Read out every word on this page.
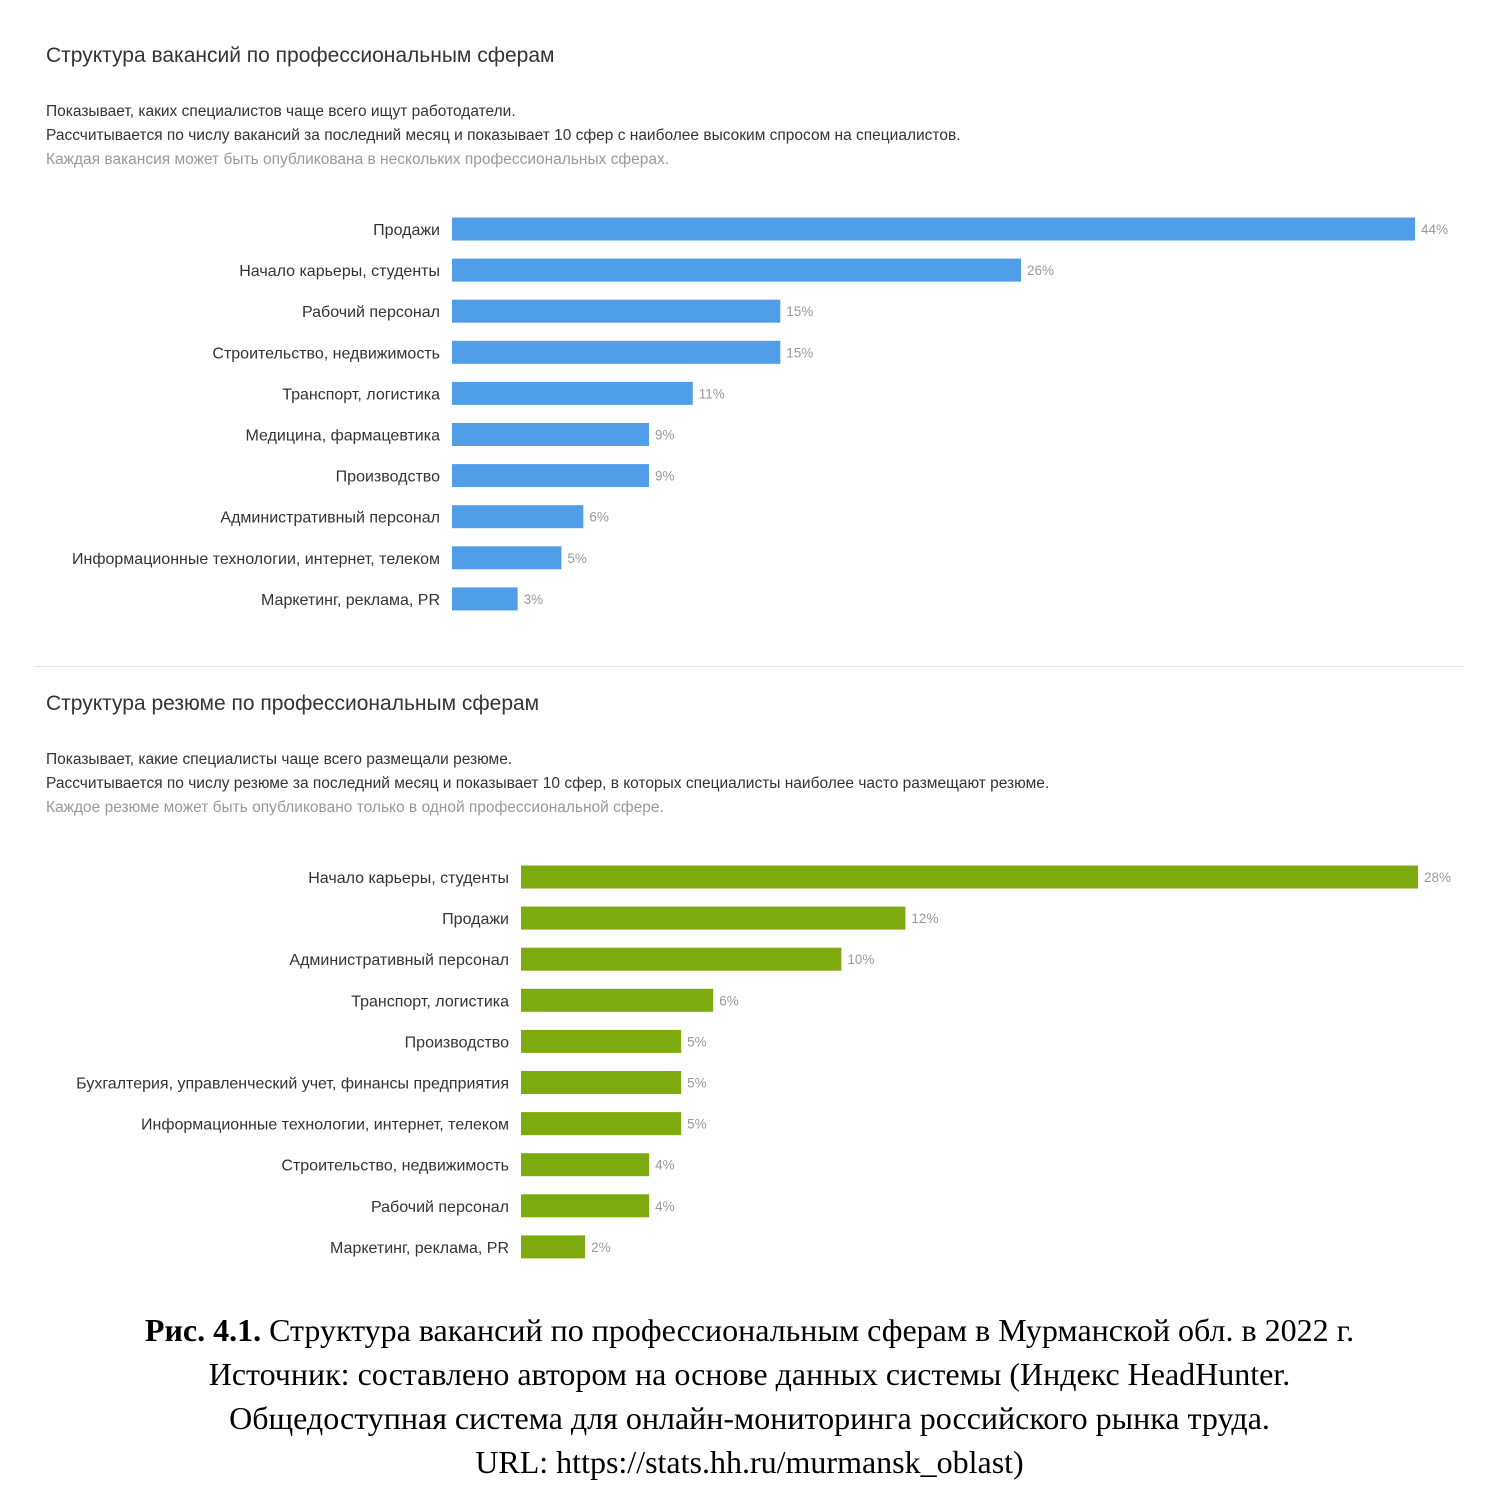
Структура вакансий по профессиональным сферам
Показывает, каких специалистов чаще всего ищут работодатели.
Рассчитывается по числу вакансий за последний месяц и показывает 10 сфер с наиболее высоким спросом на специалистов.
Каждая вакансия может быть опубликована в нескольких профессиональных сферах.
Продажи	44%
Начало карьеры, студенты	26%
Рабочий персонал	15%
Строительство, недвижимость	15%
Транспорт, логистика	11%
Медицина, фармацевтика	9%
Производство	9%
Административный персонал	6%
Информационные технологии, интернет, телеком	5%
Маркетинг, реклама, PR	3%
Структура резюме по профессиональным сферам
Показывает, какие специалисты чаще всего размещали резюме.
Рассчитывается по числу резюме за последний месяц и показывает 10 сфер, в которых специалисты наиболее часто размещают резюме.
Каждое резюме может быть опубликовано только в одной профессиональной сфере.
Начало карьеры, студенты	28%
Продажи	12%
Административный персонал	10%
Транспорт, логистика	6%
Производство	5%
Бухгалтерия, управленческий учет, финансы предприятия	5%
Информационные технологии, интернет, телеком	5%
Строительство, недвижимость	4%
Рабочий персонал	4%
Маркетинг, реклама, PR	2%
Рис. 4.1. Структура вакансий по профессиональным сферам в Мурманской обл. в 2022 г.
Источник: составлено автором на основе данных системы (Индекс HeadHunter.
Общедоступная система для онлайн-мониторинга российского рынка труда.
URL: https://stats.hh.ru/murmansk_oblast)
